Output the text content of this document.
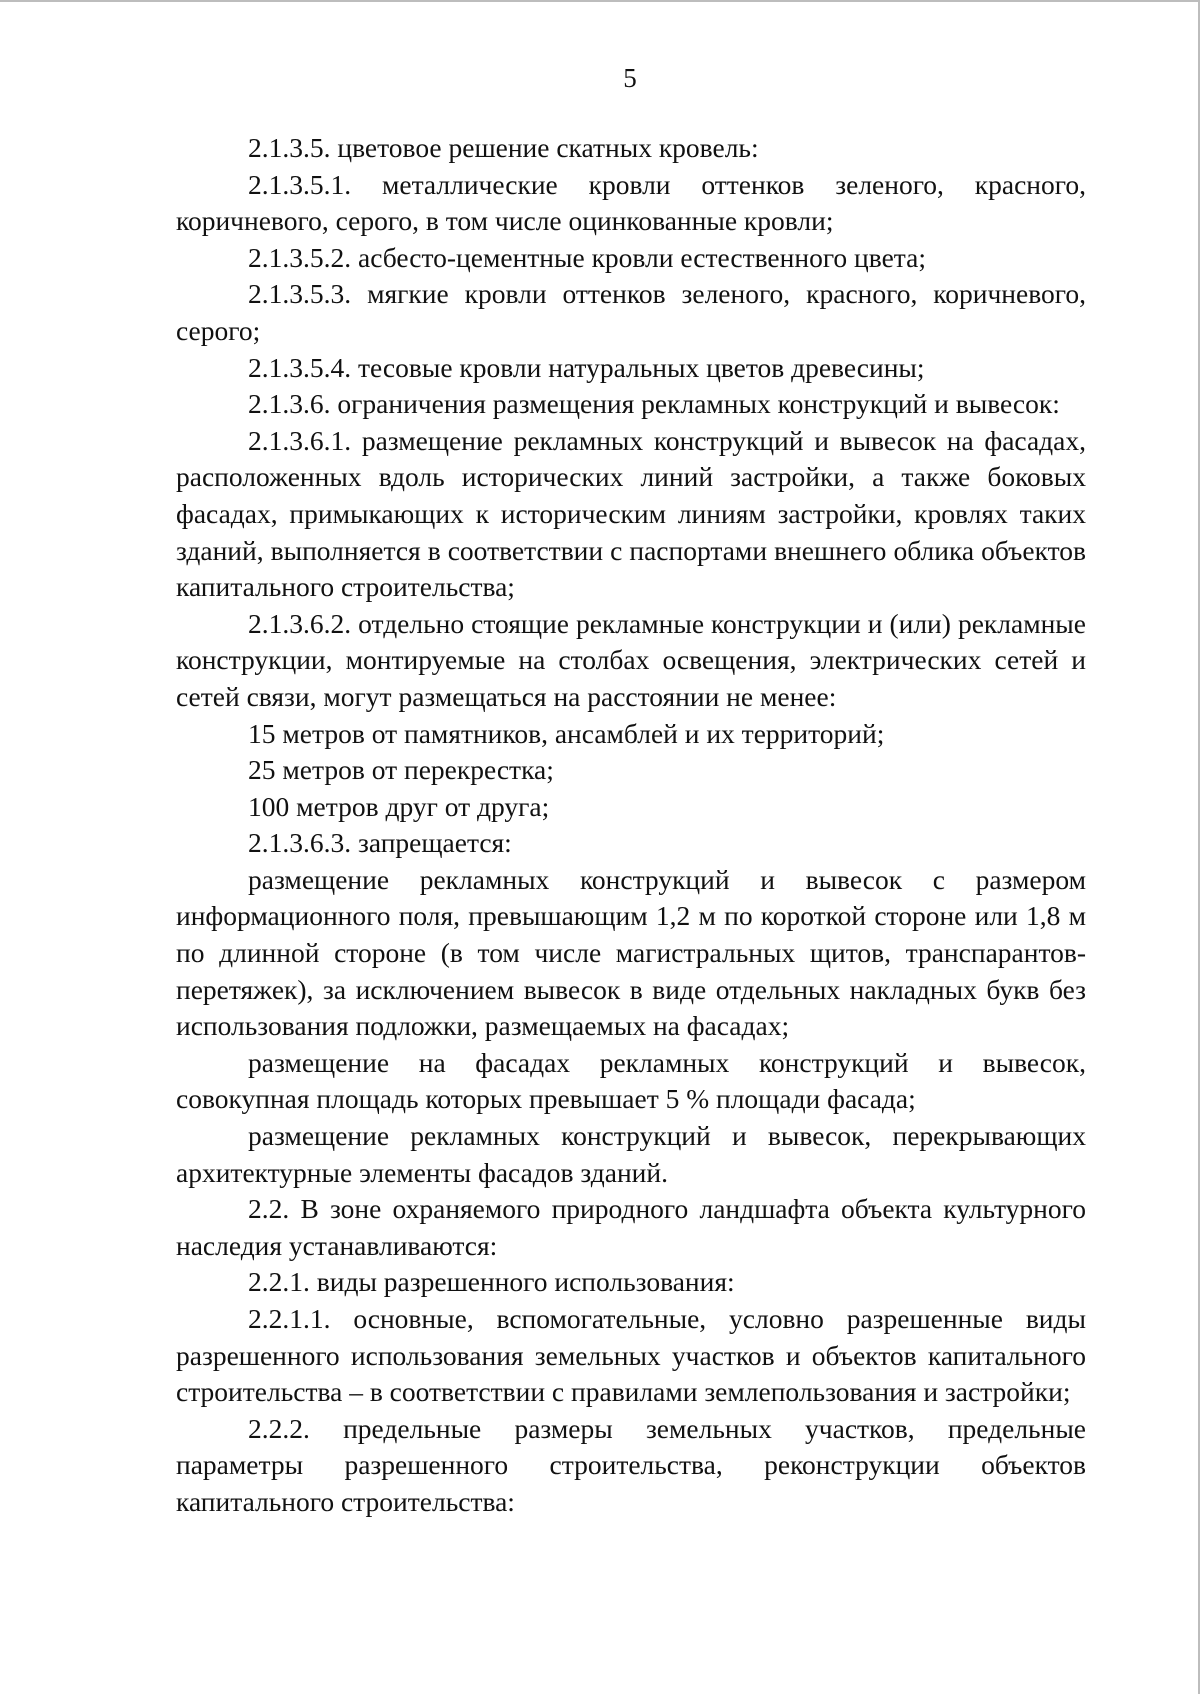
5

2.1.3.5. цветовое решение скатных кровель:

2.1.3.5.1. металлические кровли оттенков зеленого, красного, коричневого, серого, в том числе оцинкованные кровли;

2.1.3.5.2. асбесто-цементные кровли естественного цвета;

2.1.3.5.3. мягкие кровли оттенков зеленого, красного, коричневого, серого;

2.1.3.5.4. тесовые кровли натуральных цветов древесины;

2.1.3.6. ограничения размещения рекламных конструкций и вывесок:

2.1.3.6.1. размещение рекламных конструкций и вывесок на фасадах, расположенных вдоль исторических линий застройки, а также боковых фасадах, примыкающих к историческим линиям застройки, кровлях таких зданий, выполняется в соответствии с паспортами внешнего облика объектов капитального строительства;

2.1.3.6.2. отдельно стоящие рекламные конструкции и (или) рекламные конструкции, монтируемые на столбах освещения, электрических сетей и сетей связи, могут размещаться на расстоянии не менее:

15 метров от памятников, ансамблей и их территорий;

25 метров от перекрестка;

100 метров друг от друга;

2.1.3.6.3. запрещается:

размещение рекламных конструкций и вывесок с размером информационного поля, превышающим 1,2 м по короткой стороне или 1,8 м по длинной стороне (в том числе магистральных щитов, транспарантов-перетяжек), за исключением вывесок в виде отдельных накладных букв без использования подложки, размещаемых на фасадах;

размещение на фасадах рекламных конструкций и вывесок, совокупная площадь которых превышает 5 % площади фасада;

размещение рекламных конструкций и вывесок, перекрывающих архитектурные элементы фасадов зданий.

2.2. В зоне охраняемого природного ландшафта объекта культурного наследия устанавливаются:

2.2.1. виды разрешенного использования:

2.2.1.1. основные, вспомогательные, условно разрешенные виды разрешенного использования земельных участков и объектов капитального строительства – в соответствии с правилами землепользования и застройки;

2.2.2. предельные размеры земельных участков, предельные параметры разрешенного строительства, реконструкции объектов капитального строительства:
